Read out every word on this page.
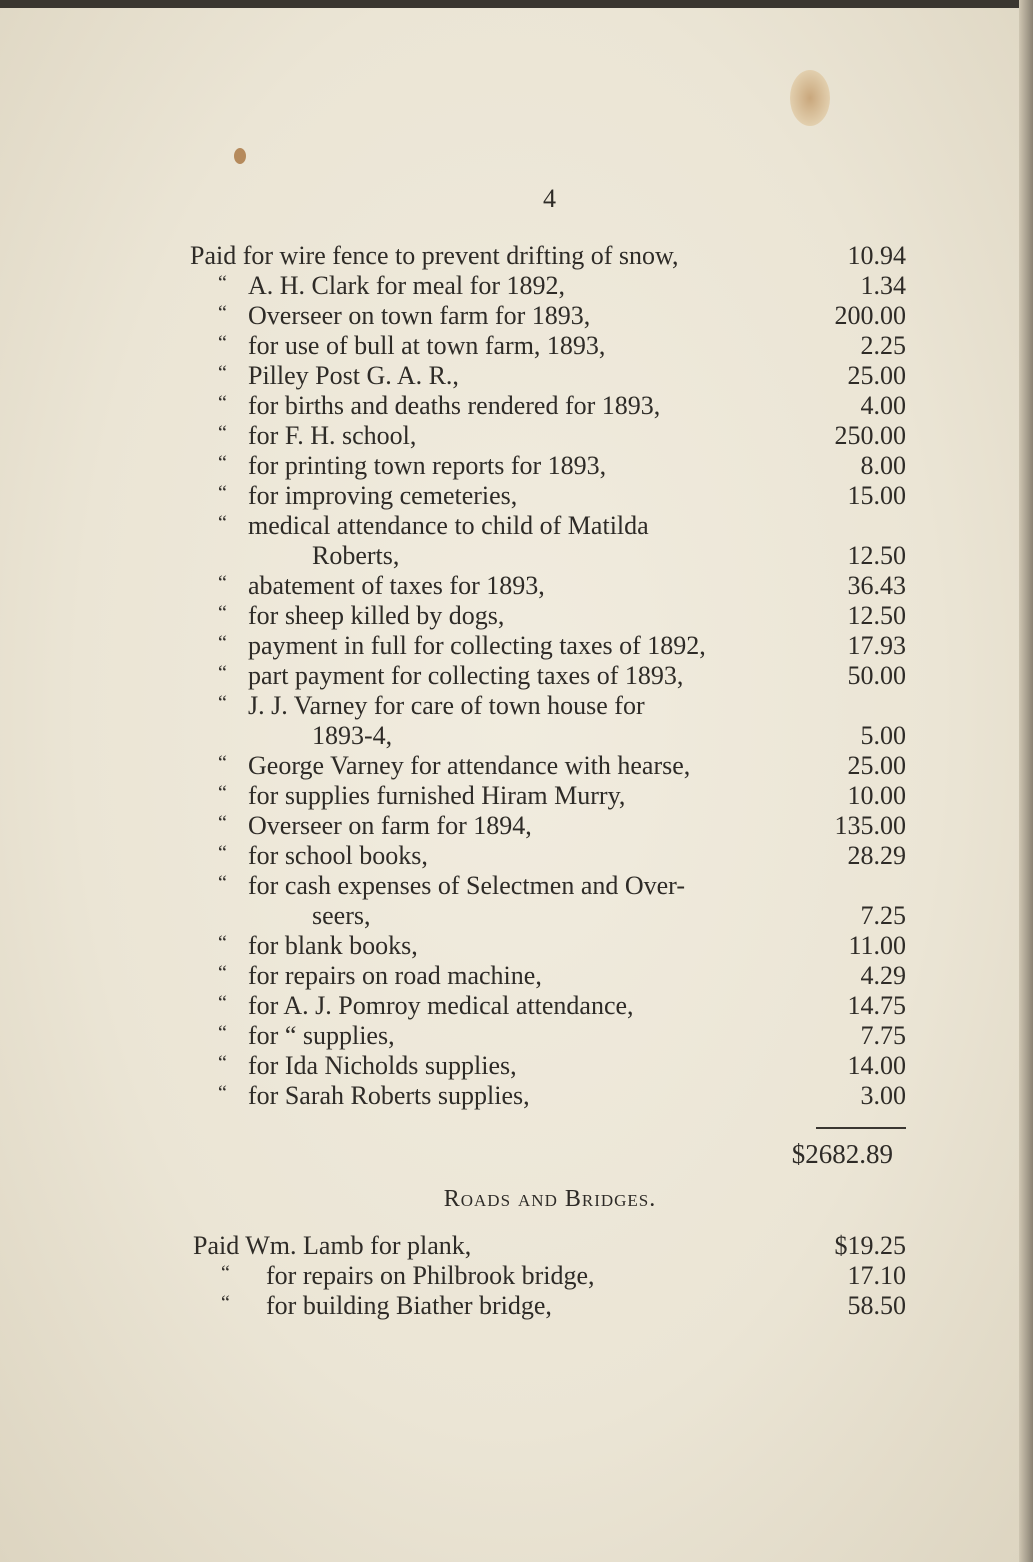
4
Paid for wire fence to prevent drifting of snow,	10.94
“ A. H. Clark for meal for 1892,	1.34
“ Overseer on town farm for 1893,	200.00
“ for use of bull at town farm, 1893,	2.25
“ Pilley Post G. A. R.,	25.00
“ for births and deaths rendered for 1893,	4.00
“ for F. H. school,	250.00
“ for printing town reports for 1893,	8.00
“ for improving cemeteries,	15.00
“ medical attendance to child of Matilda
Roberts,	12.50
“ abatement of taxes for 1893,	36.43
“ for sheep killed by dogs,	12.50
“ payment in full for collecting taxes of 1892,	17.93
“ part payment for collecting taxes of 1893,	50.00
“ J. J. Varney for care of town house for
1893-4,	5.00
“ George Varney for attendance with hearse,	25.00
“ for supplies furnished Hiram Murry,	10.00
“ Overseer on farm for 1894,	135.00
“ for school books,	28.29
“ for cash expenses of Selectmen and Over-
seers,	7.25
“ for blank books,	11.00
“ for repairs on road machine,	4.29
“ for A. J. Pomroy medical attendance,	14.75
“ for “ supplies,	7.75
“ for Ida Nicholds supplies,	14.00
“ for Sarah Roberts supplies,	3.00
$2682.89
Roads and Bridges.
Paid Wm. Lamb for plank,	$19.25
“ for repairs on Philbrook bridge,	17.10
“ for building Biather bridge,	58.50
